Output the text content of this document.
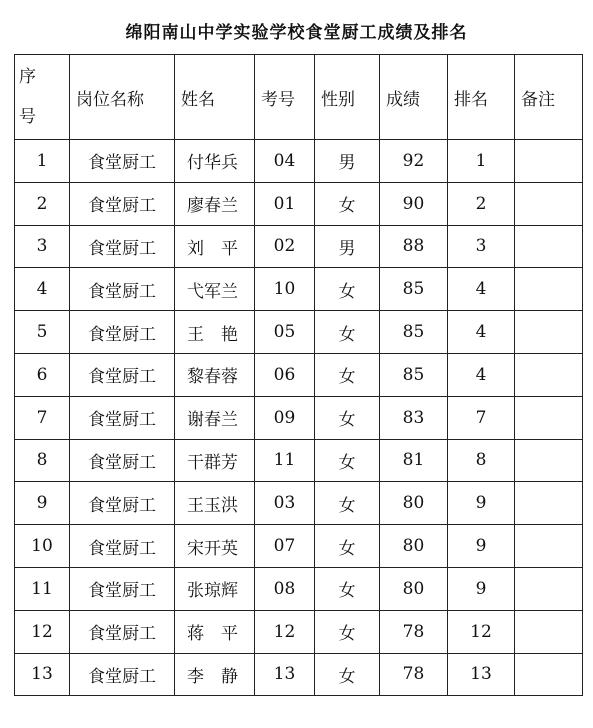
绵阳南山中学实验学校食堂厨工成绩及排名
序
号	岗位名称	姓名	考号	性别	成绩	排名	备注
1	食堂厨工	付华兵	04	男	92	1	
2	食堂厨工	廖春兰	01	女	90	2	
3	食堂厨工	刘　平	02	男	88	3	
4	食堂厨工	弋军兰	10	女	85	4	
5	食堂厨工	王　艳	05	女	85	4	
6	食堂厨工	黎春蓉	06	女	85	4	
7	食堂厨工	谢春兰	09	女	83	7	
8	食堂厨工	干群芳	11	女	81	8	
9	食堂厨工	王玉洪	03	女	80	9	
10	食堂厨工	宋开英	07	女	80	9	
11	食堂厨工	张琼辉	08	女	80	9	
12	食堂厨工	蒋　平	12	女	78	12	
13	食堂厨工	李　静	13	女	78	13	
